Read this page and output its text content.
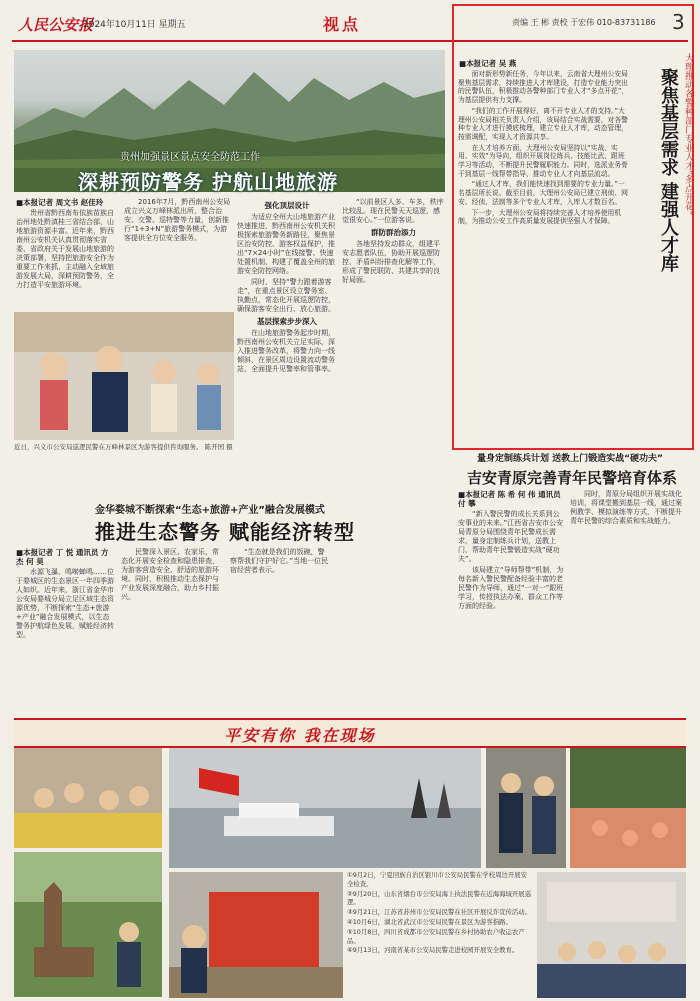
人民公安报
2024年10月11日 星期五	视点	责编 王 彬 责校 于宏伟 010-83731186 3
贵州加强景区景点安全防范工作
深耕预防警务 护航山地旅游
■本报记者 周文书 赵佳玲
贵州省黔西南布依族苗族自治州地处黔滇桂三省结合部，山地旅游资源丰富。近年来，黔西南州公安机关认真贯彻落实省委、省政府关于发展山地旅游的决策部署，坚持把旅游安全作为重要工作来抓，主动融入全域旅游发展大局，深耕预防警务，全力打造平安旅游环境。
2016年7月，黔西南州公安局成立兴义万峰林派出所，整合治安、交警、巡特警等力量，创新推行“1+3+N”旅游警务模式，为游客提供全方位安全服务。
强化顶层设计
为适应全州大山地旅游产业快速推进，黔西南州公安机关积极探索旅游警务新路径，聚焦景区治安防控、游客权益保护，推出“7×24小时”在线接警、快速处置机制，构建了覆盖全州的旅游安全防控网络。
同时，坚持“警力跟着游客走”，在重点景区设立警务室、执勤点，常态化开展巡逻防控，确保游客安全出行、放心旅游。
基层探索步步深入
在山地旅游警务起步时期，黔西南州公安机关立足实际，深入推进警务改革，将警力向一线倾斜，在景区周边设置流动警务站，全面提升见警率和管事率。
“以前景区人多、车多，秩序比较乱。现在民警天天巡逻，感觉很安心。”一位游客说。
群防群治添力
各地坚持发动群众，组建平安志愿者队伍，协助开展巡逻防控、矛盾纠纷排查化解等工作，形成了警民联防、共建共享的良好局面。
近日，兴义市公安局巡逻民警在万峰林景区为游客提供咨询服务。 陈开国 摄
■本报记者 吴 燕
面对新形势新任务，今年以来，云南省大理州公安局聚焦基层需求，持续推进人才库建设，打造专业能力突出的民警队伍，积极推动各警种部门专业人才“多点开花”，为基层提供有力支撑。
“我们的工作开展得好，离不开专业人才的支持。”大理州公安局相关负责人介绍，该局结合实战需要，对各警种专业人才进行摸底梳理，建立专业人才库，动态管理，按需调配，实现人才资源共享。
在人才培养方面，大理州公安局坚持以“实战、实用、实效”为导向，组织开展岗位练兵、技能比武、跟班学习等活动，不断提升民警履职能力。同时，选派业务骨干到基层一线帮带指导，推动专业人才向基层流动。
“通过人才库，我们能快速找到需要的专业力量。”一名基层所长说。截至目前，大理州公安局已建立刑侦、网安、经侦、法制等多个专业人才库，入库人才数百名。
下一步，大理州公安局将持续完善人才培养使用机制，为推动公安工作高质量发展提供坚强人才保障。
大理推动各警种部门专业人才“多点开花”
聚焦基层需求 建强人才库
金华婺城不断探索“生态+旅游+产业”融合发展模式
推进生态警务 赋能经济转型
■本报记者 丁 悦 通讯员 方 杰 何 昊
水源飞瀑、鸣啭蝉鸣……位于婺城区的生态景区一年四季游人如织。近年来，浙江省金华市公安局婺城分局立足区域生态资源优势，不断探索“生态+旅游+产业”融合发展模式，以生态警务护航绿色发展，赋能经济转型。
民警深入景区、农家乐，常态化开展安全检查和隐患排查，为游客营造安全、舒适的旅游环境。同时，积极推动生态保护与产业发展深度融合，助力乡村振兴。
“生态就是我们的饭碗，警察帮我们守护好它。”当地一位民宿经营者表示。
量身定制练兵计划 送教上门锻造实战“硬功夫”
吉安青原完善青年民警培育体系
■本报记者 陈 希 何 伟 通讯员 付 攀
“新入警民警的成长关系到公安事业的未来。”江西省吉安市公安局青原分局围绕青年民警成长需求，量身定制练兵计划，送教上门，帮助青年民警锻造实战“硬功夫”。
该局建立“导师帮带”机制，为每名新入警民警配备经验丰富的老民警作为导师，通过“一对一”跟班学习，传授执法办案、群众工作等方面的经验。
同时，青原分局组织开展实战化培训，将课堂搬到基层一线，通过案例教学、模拟演练等方式，不断提升青年民警的综合素质和实战能力。
平安有你 我在现场

①9月2日，宁夏回族自治区银川市公安局民警在学校周边开展安全检查。

②9月20日，山东省烟台市公安局海上执法民警在近海海域开展巡逻。

③9月21日，江苏省苏州市公安局民警在社区开展反诈宣传活动。

④10月6日，湖北省武汉市公安局民警在景区为游客指路。

⑤10月8日，四川省成都市公安局民警在乡村协助农户收运农产品。

⑥9月13日，河南省某市公安局民警走进校园开展安全教育。
